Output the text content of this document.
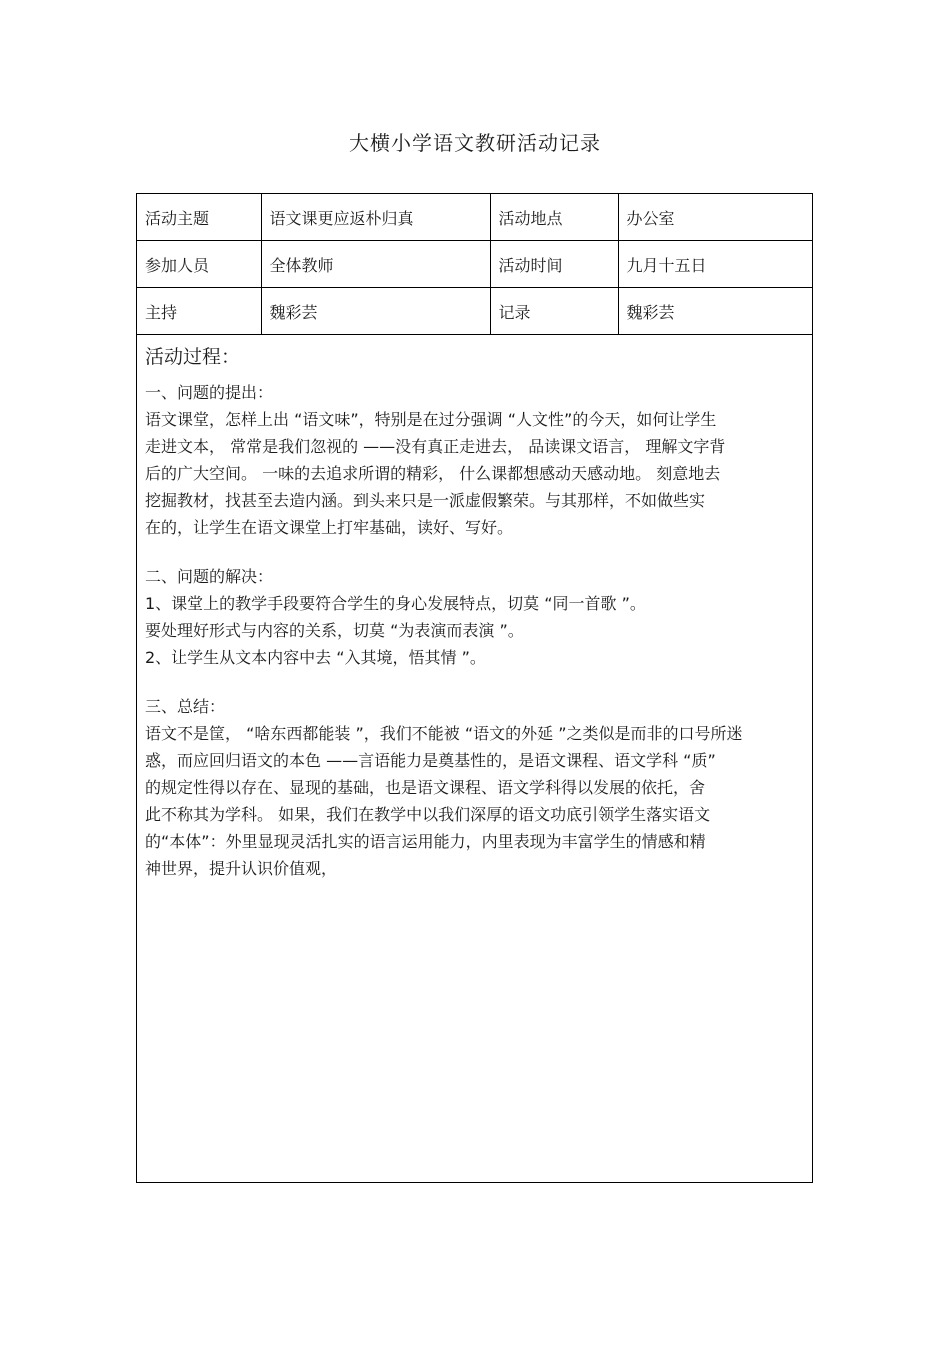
大横小学语文教研活动记录
活动主题	语文课更应返朴归真	活动地点	办公室
参加人员	全体教师	活动时间	九月十五日
主持	魏彩芸	记录	魏彩芸
活动过程：
一、问题的提出：
语文课堂，怎样上出 “语文味”，特别是在过分强调 “人文性”的今天，如何让学生
走进文本， 常常是我们忽视的 ——没有真正走进去， 品读课文语言， 理解文字背
后的广大空间。 一味的去追求所谓的精彩， 什么课都想感动天感动地。 刻意地去
挖掘教材，找甚至去造内涵。到头来只是一派虚假繁荣。与其那样，不如做些实
在的，让学生在语文课堂上打牢基础，读好、写好。
二、问题的解决：
1、课堂上的教学手段要符合学生的身心发展特点，切莫 “同一首歌 ”。
要处理好形式与内容的关系，切莫 “为表演而表演 ”。
2、让学生从文本内容中去 “入其境，悟其情 ”。
三、总结：
语文不是筐， “啥东西都能装 ”，我们不能被 “语文的外延 ”之类似是而非的口号所迷
惑，而应回归语文的本色 ——言语能力是奠基性的，是语文课程、语文学科 “质”
的规定性得以存在、显现的基础，也是语文课程、语文学科得以发展的依托，舍
此不称其为学科。 如果，我们在教学中以我们深厚的语文功底引领学生落实语文
的“本体”：外里显现灵活扎实的语言运用能力，内里表现为丰富学生的情感和精
神世界，提升认识价值观，
